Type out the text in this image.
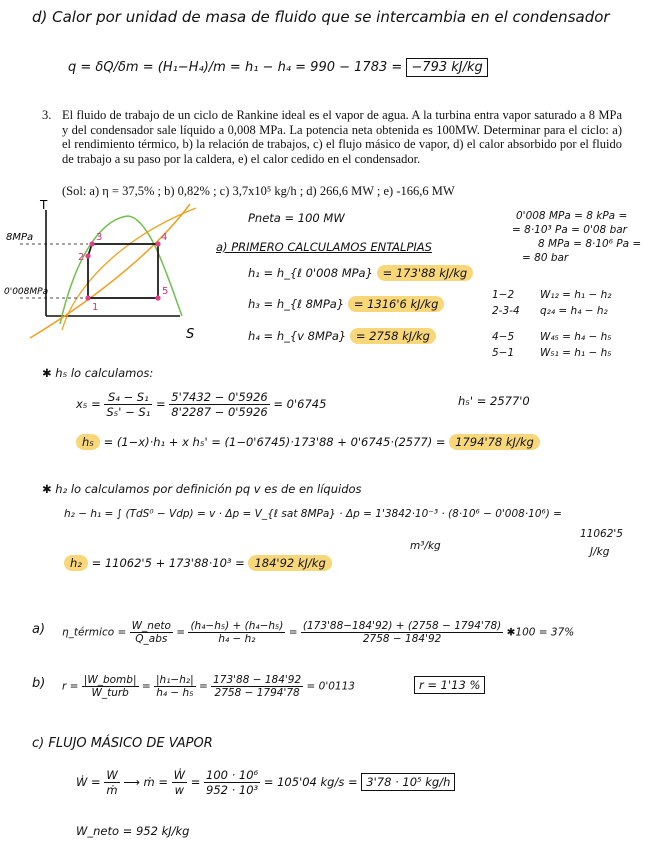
d) Calor por unidad de masa de fluido que se intercambia en el condensador
q = δQ/δm = (H₁−H₄)/m = h₁ − h₄ = 990 − 1783 = −793 kJ/kg
3. El fluido de trabajo de un ciclo de Rankine ideal es el vapor de agua. A la turbina entra vapor saturado a 8 MPa y del condensador sale líquido a 0,008 MPa. La potencia neta obtenida es 100MW. Determinar para el ciclo: a) el rendimiento térmico, b) la relación de trabajos, c) el flujo másico de vapor, d) el calor absorbido por el fluido de trabajo a su paso por la caldera, e) el calor cedido en el condensador.
(Sol: a) η = 37,5% ; b) 0,82% ; c) 3,7x10⁵ kg/h ; d) 266,6 MW ; e) -166,6 MW
T
S
8MPa
0'008MPa
1
2
3	4
5
Pneta = 100 MW	0'008 MPa = 8 kPa =
= 8·10³ Pa = 0'08 bar
8 MPa = 8·10⁶ Pa =
= 80 bar
a) PRIMERO CALCULAMOS ENTALPIAS
h₁ = h_{ℓ 0'008 MPa} = 173'88 kJ/kg
h₃ = h_{ℓ 8MPa} = 1316'6 kJ/kg
h₄ = h_{v 8MPa} = 2758 kJ/kg
1−2 W₁₂ = h₁ − h₂
2-3-4 q₂₄ = h₄ − h₂
4−5 W₄₅ = h₄ − h₅
5−1 W₅₁ = h₁ − h₅
✱ h₅ lo calculamos:
$x_5 = \frac{\text{S₄ − S₁}}{\text{S₅' − S₁}} = \frac{5'7432 - 0'5926}{8'2287 - 0'5926} = 0'6745$	h₅' = 2577'0
h₅ = (1−x)·h₁ + x h₅' = (1−0'6745)·173'88 + 0'6745·(2577) = 1794'78 kJ/kg
✱ h₂ lo calculamos por definición pq v es de en líquidos
h₂ − h₁ = ∫ (TdS⁰ − Vdp) = v · Δp = V_{ℓ sat 8MPa} · Δp = 1'3842·10⁻³ · (8·10⁶ − 0'008·10⁶) =
m³/kg
11062'5
J/kg
h₂ = 11062'5 + 173'88·10³ = 184'92 kJ/kg
a) η_térmico = $\frac{\text{W\_neto}}{\text{Q\_abs}} = \frac{\text{(h₄−h₅) + (h₄−h₅)}}{\text{h₄ − h₂}} = \frac{(173'88-184'92) + (2758 - 1794'78)}{2758 - 184'92}$ ✱100 = 37%
b) $r = \frac{\text{|W\_bomb|}}{\text{W\_turb}} = \frac{\text{|h₁−h₂|}}{\text{h₄ − h₅}} = \frac{173'88 - 184'92}{2758 - 1794'78} = 0'0113$	r = 1'13 %
c) FLUJO MÁSICO DE VAPOR
Ẇ = $\frac{W}{\text{ṁ}}$ ⟶ ṁ = $\frac{\text{Ẇ}}{w} = \frac{\text{100 · 10⁶}}{\text{952 · 10³}} = 105'04$ kg/s = 3'78 · 10⁵ kg/h
W_neto = 952 kJ/kg
